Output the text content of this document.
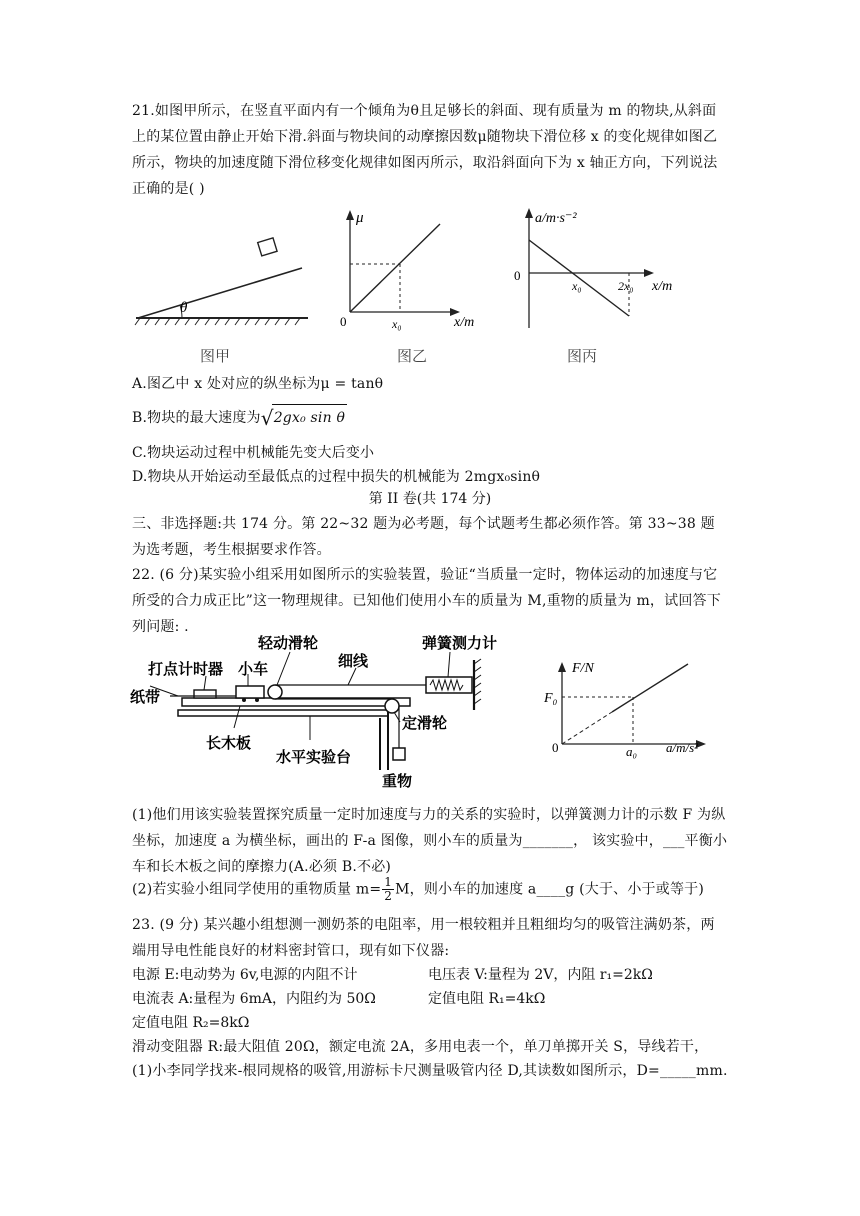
21.如图甲所示，在竖直平面内有一个倾角为θ且足够长的斜面、现有质量为 m 的物块,从斜面上的某位置由静止开始下滑.斜面与物块间的动摩擦因数μ随物块下滑位移 x 的变化规律如图乙所示，物块的加速度随下滑位移变化规律如图丙所示，取沿斜面向下为 x 轴正方向，下列说法正确的是( )
θ
图甲
μ
0	x₀	x/m
图乙
a/m·s⁻²
0
x₀	2x₀ x/m
图丙
A.图乙中 x 处对应的纵坐标为μ = tanθ
B.物块的最大速度为√2gx₀ sin θ
C.物块运动过程中机械能先变大后变小
D.物块从开始运动至最低点的过程中损失的机械能为 2mgx₀sinθ
第 II 卷(共 174 分)
三、非选择题:共 174 分。第 22~32 题为必考题，每个试题考生都必须作答。第 33~38 题为选考题，考生根据要求作答。
22. (6 分)某实验小组采用如图所示的实验装置，验证“当质量一定时，物体运动的加速度与它所受的合力成正比”这一物理规律。已知他们使用小车的质量为 M,重物的质量为 m，试回答下列问题: .
轻动滑轮
细线
弹簧测力计
打点计时器 小车
纸带
定滑轮
长木板
水平实验台
重物
F/N
F₀
0	a₀ a/m/s²
(1)他们用该实验装置探究质量一定时加速度与力的关系的实验时，以弹簧测力计的示数 F 为纵坐标，加速度 a 为横坐标，画出的 F-a 图像，则小车的质量为_______， 该实验中，___平衡小车和长木板之间的摩擦力(A.必须 B.不必)
(2)若实验小组同学使用的重物质量 $m= \frac{1}{2}$ M，则小车的加速度 a____g (大于、小于或等于)
23. (9 分) 某兴趣小组想测一测奶茶的电阻率，用一根较粗并且粗细均匀的吸管注满奶茶，两端用导电性能良好的材料密封管口，现有如下仪器:
电源 E:电动势为 6v,电源的内阻不计	电压表 V:量程为 2V，内阻 r₁=2kΩ
电流表 A:量程为 6mA，内阻约为 50Ω	定值电阻 R₁=4kΩ
定值电阻 R₂=8kΩ
滑动变阻器 R:最大阻值 20Ω，额定电流 2A，多用电表一个，单刀单掷开关 S，导线若干，
(1)小李同学找来-根同规格的吸管,用游标卡尺测量吸管内径 D,其读数如图所示，D=_____mm.
